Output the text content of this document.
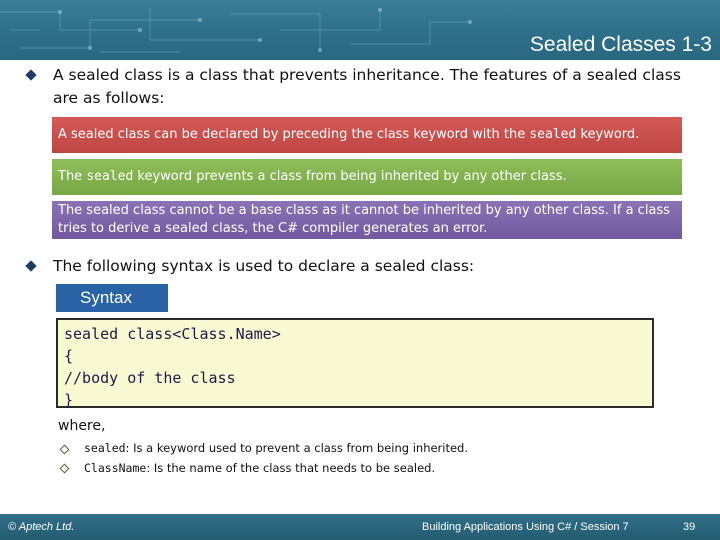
Sealed Classes 1-3
A sealed class is a class that prevents inheritance. The features of a sealed class are as follows:
A sealed class can be declared by preceding the class keyword with the sealed keyword.
The sealed keyword prevents a class from being inherited by any other class.
The sealed class cannot be a base class as it cannot be inherited by any other class. If a class tries to derive a sealed class, the C# compiler generates an error.
The following syntax is used to declare a sealed class:
Syntax
sealed class<Class.Name>
{
//body of the class
}
where,
sealed: Is a keyword used to prevent a class from being inherited.
ClassName: Is the name of the class that needs to be sealed.
© Aptech Ltd.	Building Applications Using C# / Session 7	39
